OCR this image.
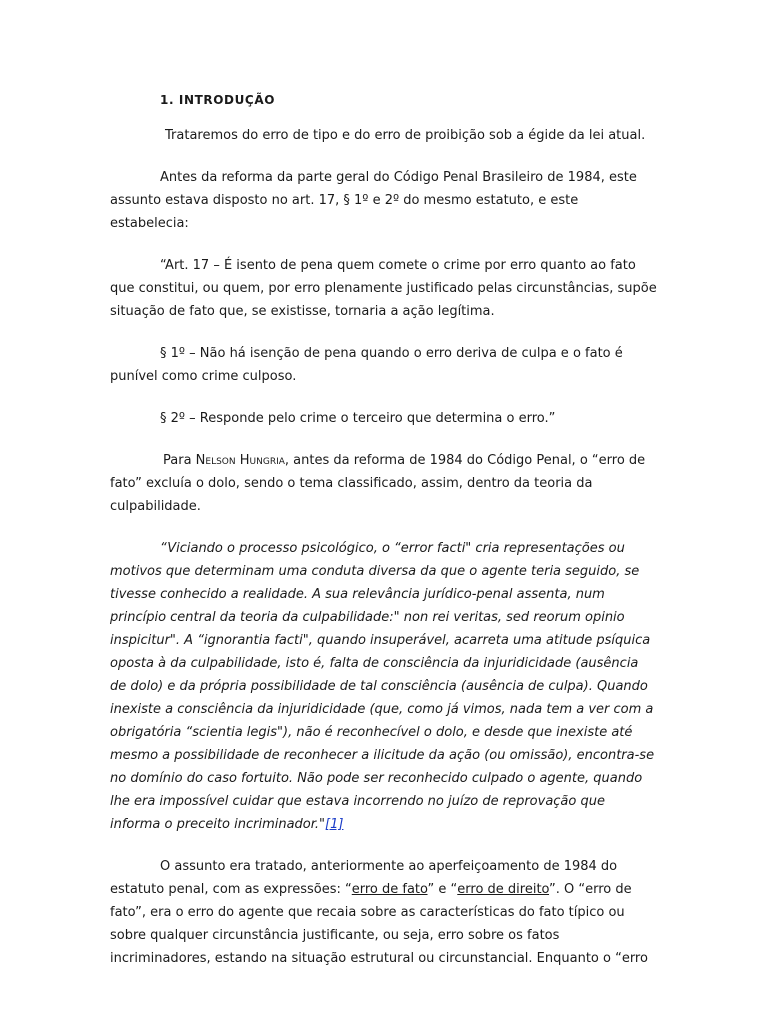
1. INTRODUÇÃO

Trataremos do erro de tipo e do erro de proibição sob a égide da lei atual.

Antes da reforma da parte geral do Código Penal Brasileiro de 1984, este assunto estava disposto no art. 17, § 1º e 2º do mesmo estatuto, e este estabelecia:

“Art. 17 – É isento de pena quem comete o crime por erro quanto ao fato que constitui, ou quem, por erro plenamente justificado pelas circunstâncias, supõe situação de fato que, se existisse, tornaria a ação legítima.

§ 1º – Não há isenção de pena quando o erro deriva de culpa e o fato é punível como crime culposo.

§ 2º – Responde pelo crime o terceiro que determina o erro.”

Para Nelson Hungria, antes da reforma de 1984 do Código Penal, o “erro de fato” excluía o dolo, sendo o tema classificado, assim, dentro da teoria da culpabilidade.

“Viciando o processo psicológico, o “error facti" cria representações ou motivos que determinam uma conduta diversa da que o agente teria seguido, se tivesse conhecido a realidade. A sua relevância jurídico-penal assenta, num princípio central da teoria da culpabilidade:" non rei veritas, sed reorum opinio inspicitur". A “ignorantia facti", quando insuperável, acarreta uma atitude psíquica oposta à da culpabilidade, isto é, falta de consciência da injuridicidade (ausência de dolo) e da própria possibilidade de tal consciência (ausência de culpa). Quando inexiste a consciência da injuridicidade (que, como já vimos, nada tem a ver com a obrigatória “scientia legis"), não é reconhecível o dolo, e desde que inexiste até mesmo a possibilidade de reconhecer a ilicitude da ação (ou omissão), encontra-se no domínio do caso fortuito. Não pode ser reconhecido culpado o agente, quando lhe era impossível cuidar que estava incorrendo no juízo de reprovação que informa o preceito incriminador."[1]

O assunto era tratado, anteriormente ao aperfeiçoamento de 1984 do estatuto penal, com as expressões: “erro de fato” e “erro de direito”. O “erro de fato”, era o erro do agente que recaia sobre as características do fato típico ou sobre qualquer circunstância justificante, ou seja, erro sobre os fatos incriminadores, estando na situação estrutural ou circunstancial. Enquanto o “erro
